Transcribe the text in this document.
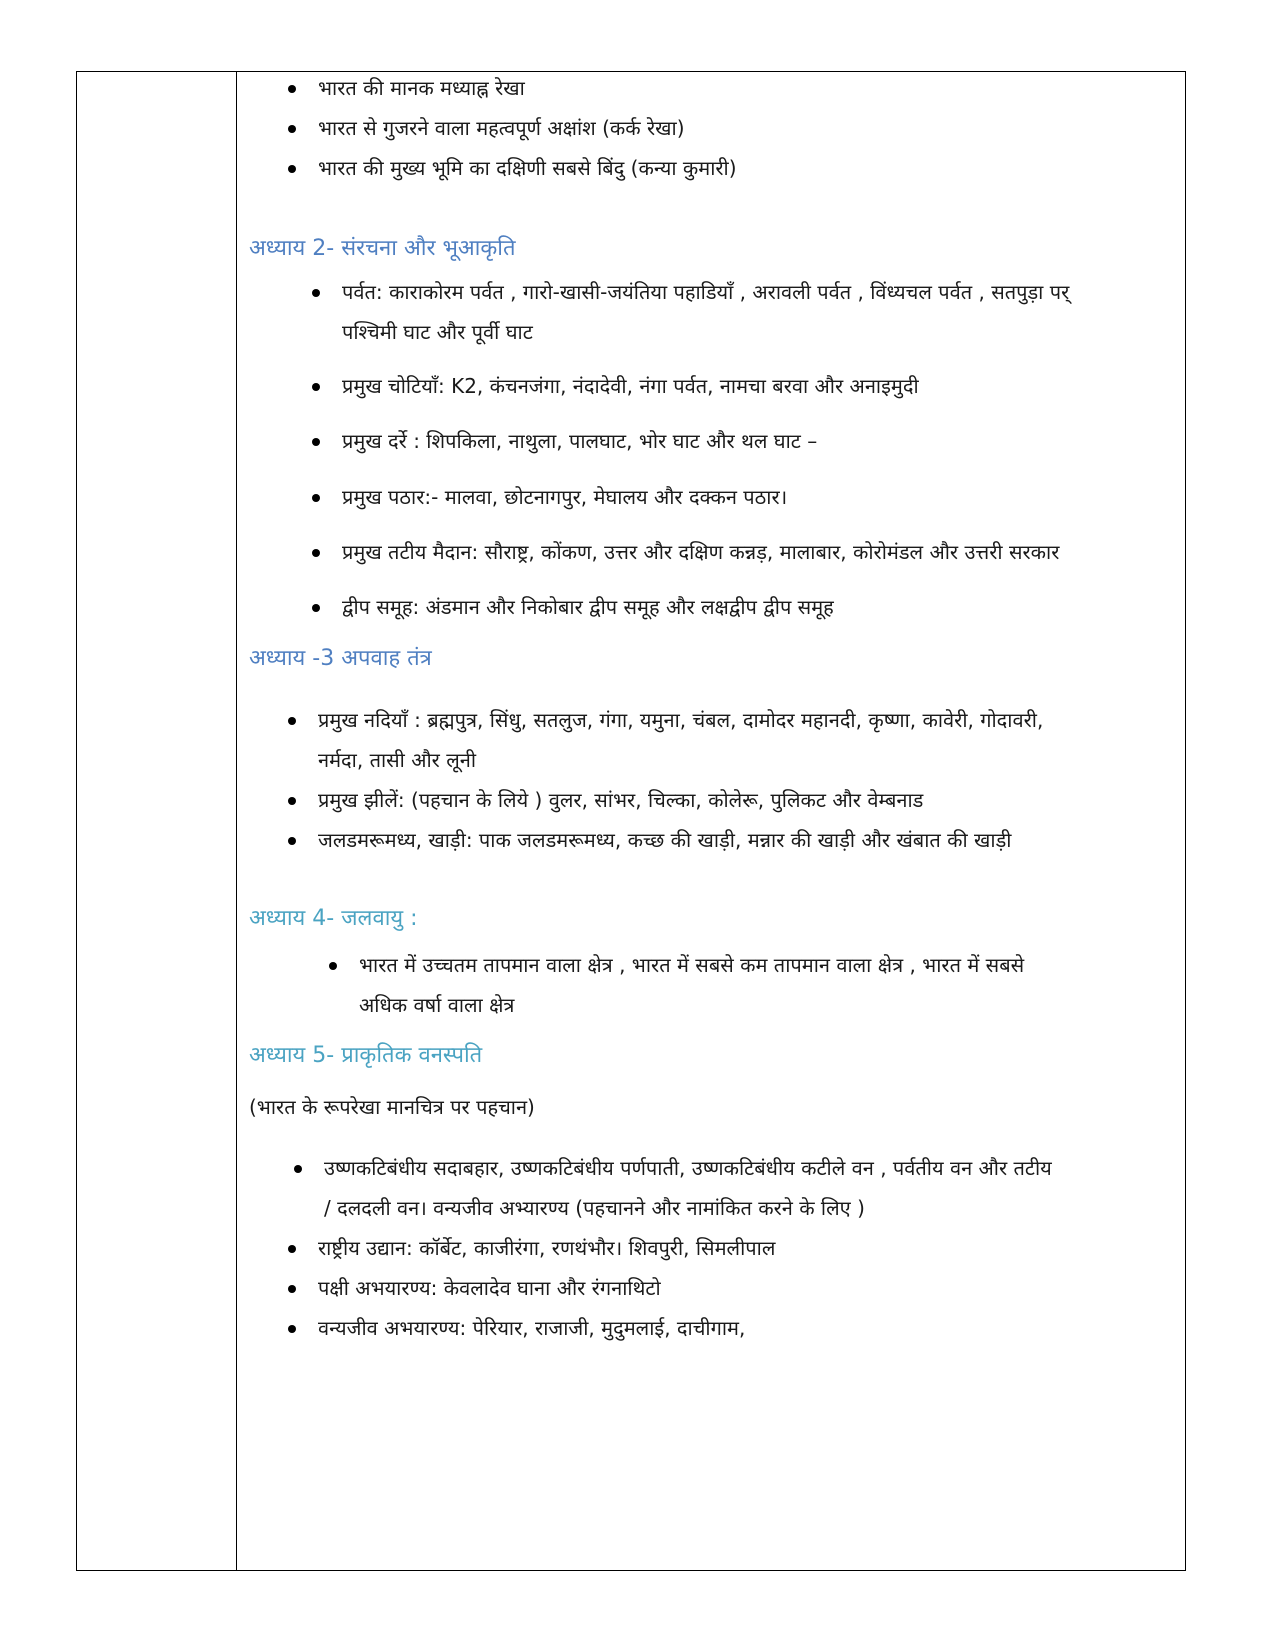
भारत की मानक मध्याह्न रेखा
भारत से गुजरने वाला महत्वपूर्ण अक्षांश (कर्क रेखा)
भारत की मुख्य भूमि का दक्षिणी सबसे बिंदु (कन्या कुमारी)
अध्याय 2- संरचना और भूआकृति
पर्वत: काराकोरम पर्वत , गारो-खासी-जयंतिया पहाडियाँ , अरावली पर्वत , विंध्यचल पर्वत , सतपुड़ा पर्
पश्चिमी घाट और पूर्वी घाट
प्रमुख चोटियाँ: K2, कंचनजंगा, नंदादेवी, नंगा पर्वत, नामचा बरवा और अनाइमुदी
प्रमुख दर्रे : शिपकिला, नाथुला, पालघाट, भोर घाट और थल घाट –
प्रमुख पठार:- मालवा, छोटनागपुर, मेघालय और दक्कन पठार।
प्रमुख तटीय मैदान: सौराष्ट्र, कोंकण, उत्तर और दक्षिण कन्नड़, मालाबार, कोरोमंडल और उत्तरी सरकार
द्वीप समूह: अंडमान और निकोबार द्वीप समूह और लक्षद्वीप द्वीप समूह
अध्याय -3 अपवाह तंत्र
प्रमुख नदियाँ : ब्रह्मपुत्र, सिंधु, सतलुज, गंगा, यमुना, चंबल, दामोदर महानदी, कृष्णा, कावेरी, गोदावरी,
नर्मदा, तासी और लूनी
प्रमुख झीलें: (पहचान के लिये ) वुलर, सांभर, चिल्का, कोलेरू, पुलिकट और वेम्बनाड
जलडमरूमध्य, खाड़ी: पाक जलडमरूमध्य, कच्छ की खाड़ी, मन्नार की खाड़ी और खंबात की खाड़ी
अध्याय 4- जलवायु :
भारत में उच्चतम तापमान वाला क्षेत्र , भारत में सबसे कम तापमान वाला क्षेत्र , भारत में सबसे
अधिक वर्षा वाला क्षेत्र
अध्याय 5- प्राकृतिक वनस्पति
(भारत के रूपरेखा मानचित्र पर पहचान)
उष्णकटिबंधीय सदाबहार, उष्णकटिबंधीय पर्णपाती, उष्णकटिबंधीय कटीले वन , पर्वतीय वन और तटीय
/ दलदली वन। वन्यजीव अभ्यारण्य (पहचानने और नामांकित करने के लिए )
राष्ट्रीय उद्यान: कॉर्बेट, काजीरंगा, रणथंभौर। शिवपुरी, सिमलीपाल
पक्षी अभयारण्य: केवलादेव घाना और रंगनाथिटो
वन्यजीव अभयारण्य: पेरियार, राजाजी, मुदुमलाई, दाचीगाम,
